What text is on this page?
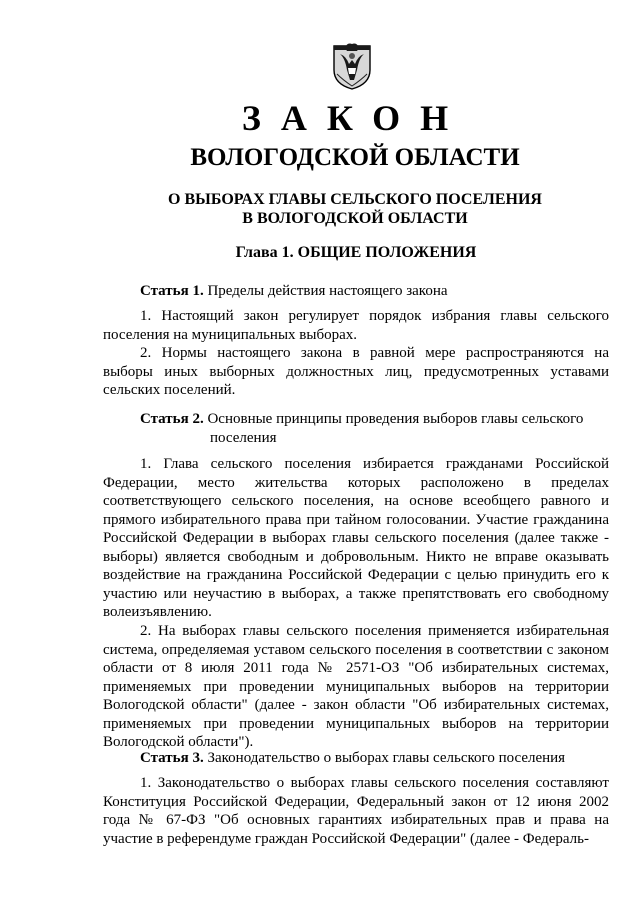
ЗАКОН
ВОЛОГОДСКОЙ ОБЛАСТИ
О ВЫБОРАХ ГЛАВЫ СЕЛЬСКОГО ПОСЕЛЕНИЯ
В ВОЛОГОДСКОЙ ОБЛАСТИ
Глава 1. ОБЩИЕ ПОЛОЖЕНИЯ
Статья 1. Пределы действия настоящего закона

1. Настоящий закон регулирует порядок избрания главы сельского поселения на муниципальных выборах.

2. Нормы настоящего закона в равной мере распространяются на выборы иных выборных должностных лиц, предусмотренных уставами сельских поселений.

Статья 2. Основные принципы проведения выборов главы сельского
поселения

1. Глава сельского поселения избирается гражданами Российской Федерации, место жительства которых расположено в пределах соответствующего сельского поселения, на основе всеобщего равного и прямого избирательного права при тайном голосовании. Участие гражданина Российской Федерации в выборах главы сельского поселения (далее также - выборы) является свободным и добровольным. Никто не вправе оказывать воздействие на гражданина Российской Федерации с целью принудить его к участию или неучастию в выборах, а также препятствовать его свободному волеизъявлению.

2. На выборах главы сельского поселения применяется избирательная система, определяемая уставом сельского поселения в соответствии с законом области от 8 июля 2011 года № 2571-ОЗ "Об избирательных системах, применяемых при проведении муниципальных выборов на территории Вологодской области" (далее - закон области "Об избирательных системах, применяемых при проведении муниципальных выборов на территории Вологодской области").

Статья 3. Законодательство о выборах главы сельского поселения

1. Законодательство о выборах главы сельского поселения составляют Конституция Российской Федерации, Федеральный закон от 12 июня 2002 года № 67-ФЗ "Об основных гарантиях избирательных прав и права на участие в референдуме граждан Российской Федерации" (далее - Федераль-
